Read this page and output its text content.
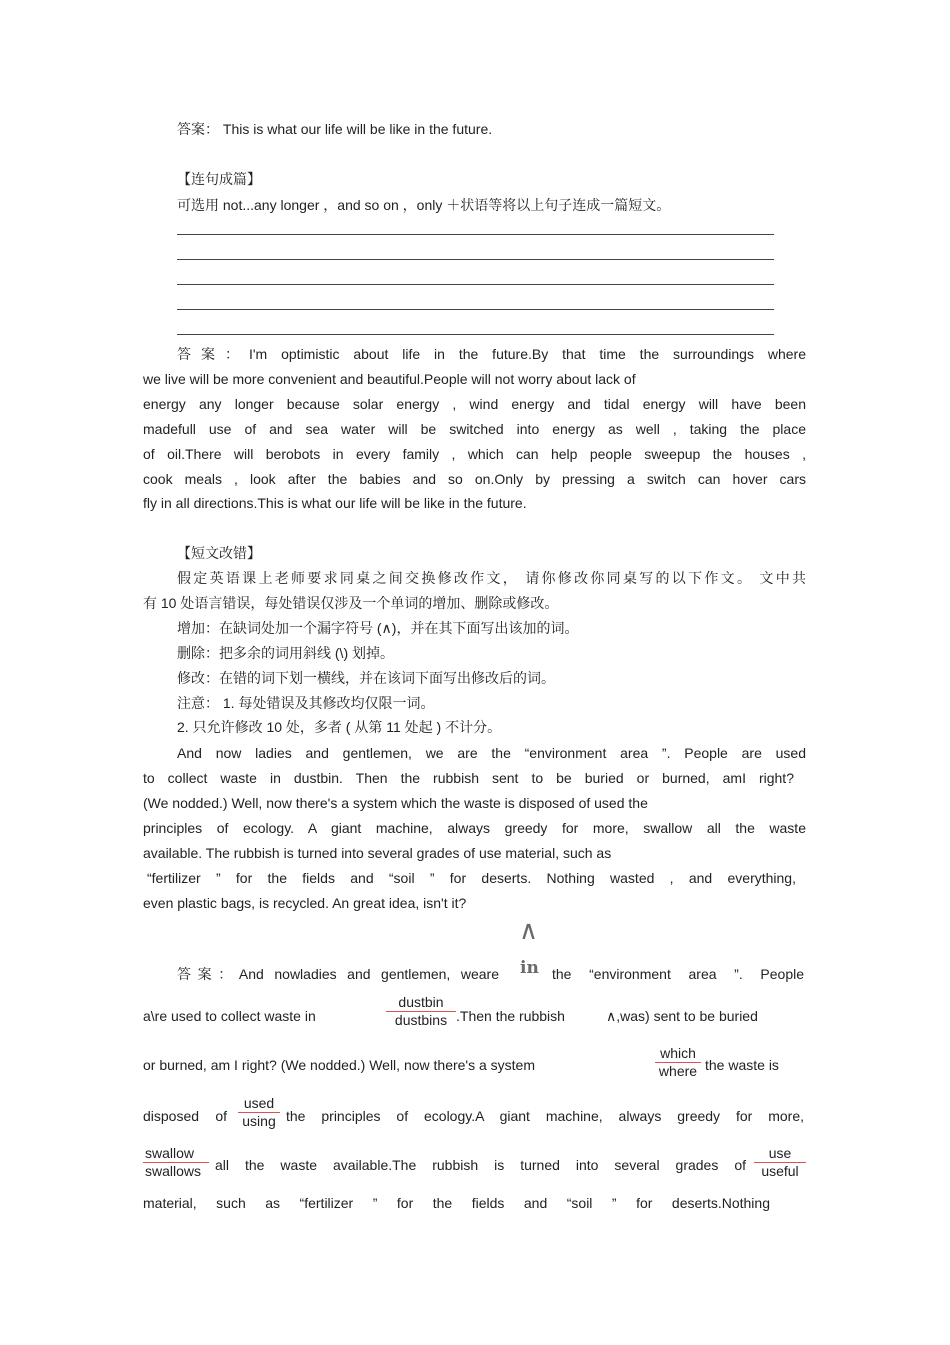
答案： This is what our life will be like in the future.
【连句成篇】
可选用 not...any longer ，and so on ，only ＋状语等将以上句子连成一篇短文。
答案：I'm optimistic about life in the future.By that time the surroundings where
we live will be more convenient and beautiful.People will not worry about lack of
energy any longer because solar energy , wind energy and tidal energy will have been
madefull use of and sea water will be switched into energy as well , taking the place
of oil.There will berobots in every family , which can help people sweepup the houses ,
cook meals , look after the babies and so on.Only by pressing a switch can hover cars
fly in all directions.This is what our life will be like in the future.
【短文改错】
假定英语课上老师要求同桌之间交换修改作文， 请你修改你同桌写的以下作文。 文中共
有 10 处语言错误，每处错误仅涉及一个单词的增加、删除或修改。
增加：在缺词处加一个漏字符号 (∧)，并在其下面写出该加的词。
删除：把多余的词用斜线 (\) 划掉。
修改：在错的词下划一横线，并在该词下面写出修改后的词。
注意： 1. 每处错误及其修改均仅限一词。
2. 只允许修改 10 处，多者 ( 从第 11 处起 ) 不计分。
And now ladies and gentlemen, we are the “environment area ”. People are used
to collect waste in dustbin. Then the rubbish sent to be buried or burned, amI right?
(We nodded.) Well, now there's a system which the waste is disposed of used the
principles of ecology. A giant machine, always greedy for more, swallow all the waste
available. The rubbish is turned into several grades of use material, such as
“fertilizer ” for the fields and “soil ” for deserts. Nothing wasted , and everything,
even plastic bags, is recycled. An great idea, isn't it?
∧
in
答案：And nowladies and gentlemen, weare	the “environment area ”. People
a\re used to collect waste in
dustbin
dustbins .Then the rubbish	∧,was) sent to be buried
or burned, am I right? (We nodded.) Well, now there's a system
which
where the waste is
disposed of
used
using the principles of ecology.A giant machine, always greedy for more,
swallow
swallows all the waste available.The rubbish is turned into several grades of
use
useful
material, such as “fertilizer ” for the fields and “soil ” for deserts.Nothing
